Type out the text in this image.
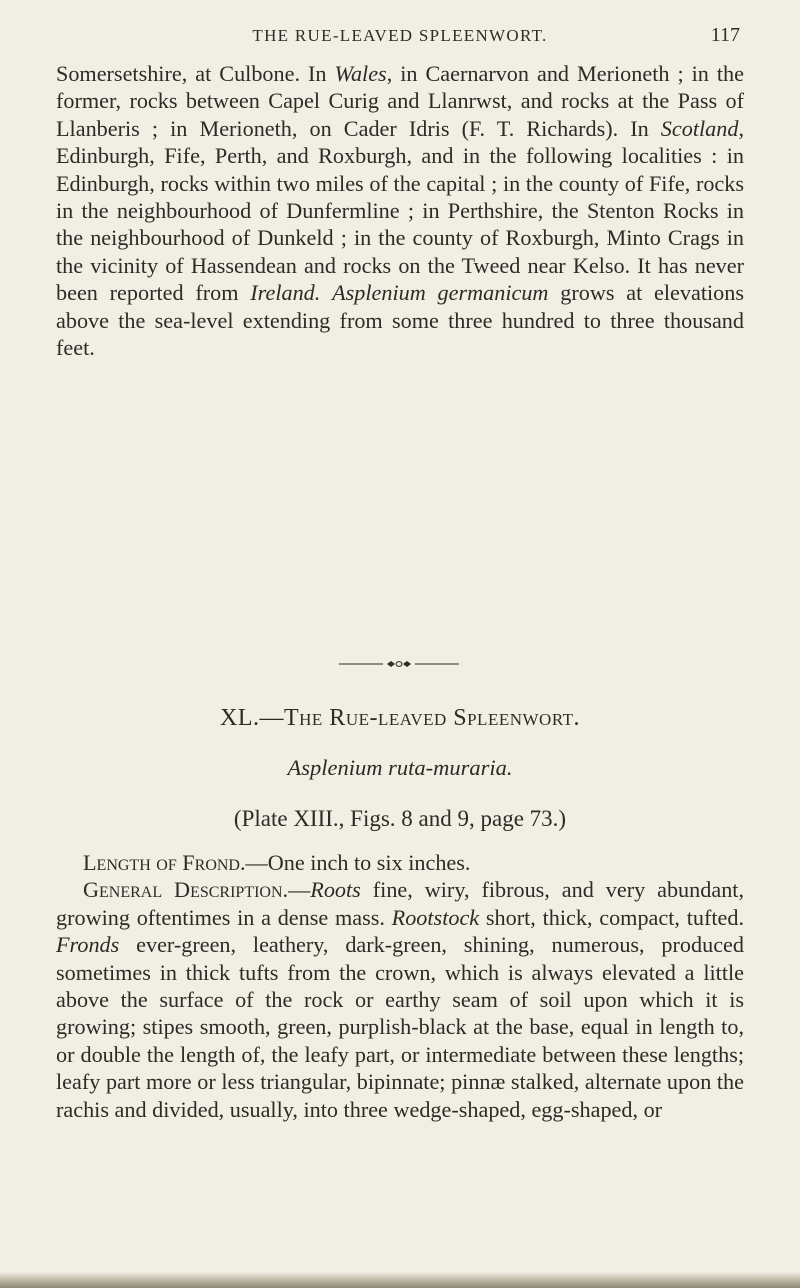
THE RUE-LEAVED SPLEENWORT.	117

Somersetshire, at Culbone. In Wales, in Caernarvon and Merioneth ; in the former, rocks between Capel Curig and Llanrwst, and rocks at the Pass of Llanberis ; in Merioneth, on Cader Idris (F. T. Richards). In Scotland, Edinburgh, Fife, Perth, and Roxburgh, and in the following localities : in Edinburgh, rocks within two miles of the capital ; in the county of Fife, rocks in the neighbourhood of Dunfermline ; in Perthshire, the Stenton Rocks in the neighbourhood of Dunkeld ; in the county of Roxburgh, Minto Crags in the vicinity of Hassendean and rocks on the Tweed near Kelso. It has never been reported from Ireland. Asplenium germanicum grows at elevations above the sea-level extending from some three hundred to three thousand feet.

XL.—The Rue-leaved Spleenwort.
Asplenium ruta-muraria.
(Plate XIII., Figs. 8 and 9, page 73.)

Length of Frond.—One inch to six inches.

General Description.—Roots fine, wiry, fibrous, and very abundant, growing oftentimes in a dense mass. Rootstock short, thick, compact, tufted. Fronds ever-green, leathery, dark-green, shining, numerous, produced sometimes in thick tufts from the crown, which is always elevated a little above the surface of the rock or earthy seam of soil upon which it is growing; stipes smooth, green, purplish-black at the base, equal in length to, or double the length of, the leafy part, or intermediate between these lengths; leafy part more or less triangular, bipinnate; pinnæ stalked, alternate upon the rachis and divided, usually, into three wedge-shaped, egg-shaped, or
